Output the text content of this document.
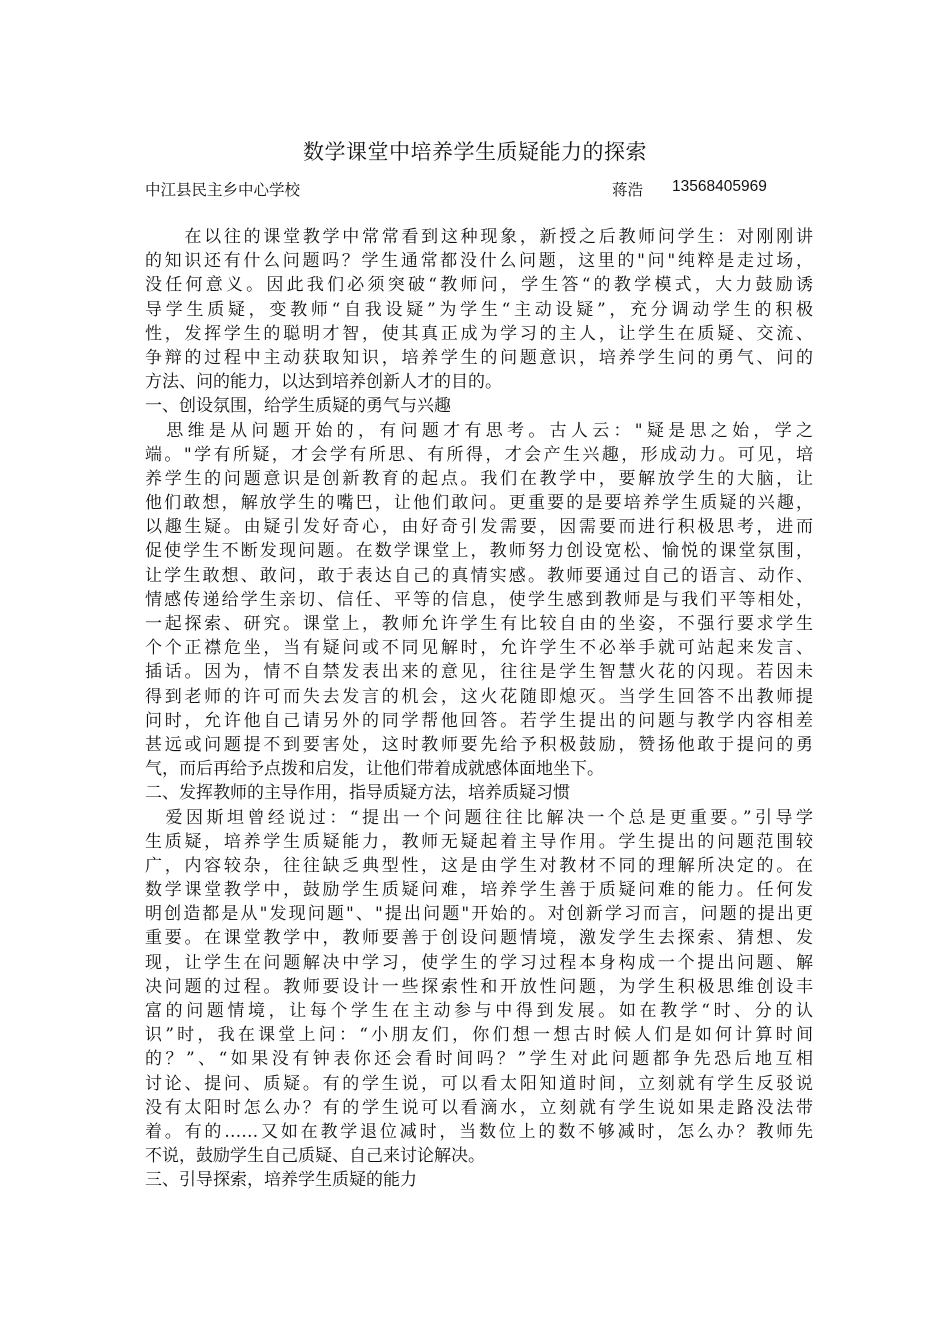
数学课堂中培养学生质疑能力的探索
中江县民主乡中心学校	蒋浩 13568405969
　　在以往的课堂教学中常常看到这种现象，新授之后教师问学生：对刚刚讲
的知识还有什么问题吗？学生通常都没什么问题，这里的"问"纯粹是走过场，
没任何意义。因此我们必须突破“教师问，学生答“的教学模式，大力鼓励诱
导学生质疑，变教师“自我设疑”为学生“主动设疑”，充分调动学生的积极
性，发挥学生的聪明才智，使其真正成为学习的主人，让学生在质疑、交流、
争辩的过程中主动获取知识，培养学生的问题意识，培养学生问的勇气、问的
方法、问的能力，以达到培养创新人才的目的。
一、创设氛围，给学生质疑的勇气与兴趣
　思维是从问题开始的，有问题才有思考。古人云："疑是思之始，学之
端。"学有所疑，才会学有所思、有所得，才会产生兴趣，形成动力。可见，培
养学生的问题意识是创新教育的起点。我们在教学中，要解放学生的大脑，让
他们敢想，解放学生的嘴巴，让他们敢问。更重要的是要培养学生质疑的兴趣，
以趣生疑。由疑引发好奇心，由好奇引发需要，因需要而进行积极思考，进而
促使学生不断发现问题。在数学课堂上，教师努力创设宽松、愉悦的课堂氛围，
让学生敢想、敢问，敢于表达自己的真情实感。教师要通过自己的语言、动作、
情感传递给学生亲切、信任、平等的信息，使学生感到教师是与我们平等相处，
一起探索、研究。课堂上，教师允许学生有比较自由的坐姿，不强行要求学生
个个正襟危坐，当有疑问或不同见解时，允许学生不必举手就可站起来发言、
插话。因为，情不自禁发表出来的意见，往往是学生智慧火花的闪现。若因未
得到老师的许可而失去发言的机会，这火花随即熄灭。当学生回答不出教师提
问时，允许他自己请另外的同学帮他回答。若学生提出的问题与教学内容相差
甚远或问题提不到要害处，这时教师要先给予积极鼓励，赞扬他敢于提问的勇
气，而后再给予点拨和启发，让他们带着成就感体面地坐下。
二、发挥教师的主导作用，指导质疑方法，培养质疑习惯
　爱因斯坦曾经说过：“提出一个问题往往比解决一个总是更重要。”引导学
生质疑，培养学生质疑能力，教师无疑起着主导作用。学生提出的问题范围较
广，内容较杂，往往缺乏典型性，这是由学生对教材不同的理解所决定的。在
数学课堂教学中，鼓励学生质疑问难，培养学生善于质疑问难的能力。任何发
明创造都是从"发现问题"、"提出问题"开始的。对创新学习而言，问题的提出更
重要。在课堂教学中，教师要善于创设问题情境，激发学生去探索、猜想、发
现，让学生在问题解决中学习，使学生的学习过程本身构成一个提出问题、解
决问题的过程。教师要设计一些探索性和开放性问题，为学生积极思维创设丰
富的问题情境，让每个学生在主动参与中得到发展。如在教学“时、分的认
识”时，我在课堂上问：“小朋友们，你们想一想古时候人们是如何计算时间
的？”、“如果没有钟表你还会看时间吗？”学生对此问题都争先恐后地互相
讨论、提问、质疑。有的学生说，可以看太阳知道时间，立刻就有学生反驳说
没有太阳时怎么办？有的学生说可以看滴水，立刻就有学生说如果走路没法带
着。有的……又如在教学退位减时，当数位上的数不够减时，怎么办？教师先
不说，鼓励学生自己质疑、自己来讨论解决。
三、引导探索，培养学生质疑的能力
